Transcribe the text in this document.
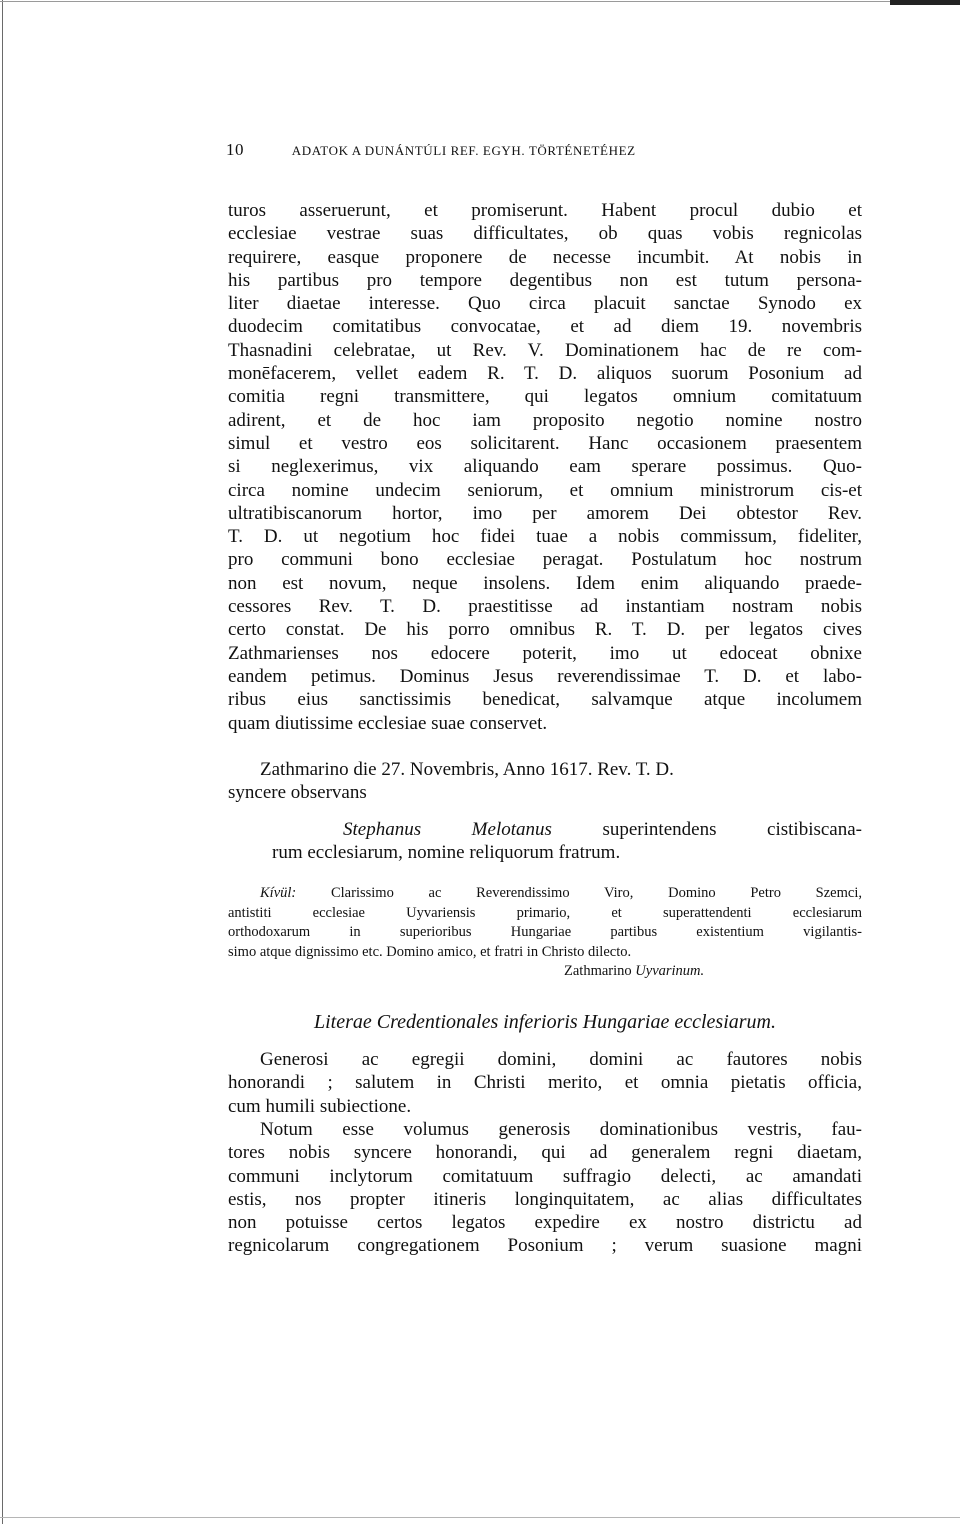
10	ADATOK A DUNÁNTÚLI REF. EGYH. TÖRTÉNETÉHEZ
turos asseruerunt, et promiserunt. Habent procul dubio et
ecclesiae vestrae suas difficultates, ob quas vobis regnicolas
requirere, easque proponere de necesse incumbit. At nobis in
his partibus pro tempore degentibus non est tutum persona-
liter diaetae interesse. Quo circa placuit sanctae Synodo ex
duodecim comitatibus convocatae, et ad diem 19. novembris
Thasnadini celebratae, ut Rev. V. Dominationem hac de re com-
monēfacerem, vellet eadem R. T. D. aliquos suorum Posonium ad
comitia regni transmittere, qui legatos omnium comitatuum
adirent, et de hoc iam proposito negotio nomine nostro
simul et vestro eos solicitarent. Hanc occasionem praesentem
si neglexerimus, vix aliquando eam sperare possimus. Quo-
circa nomine undecim seniorum, et omnium ministrorum cis-et
ultratibiscanorum hortor, imo per amorem Dei obtestor Rev.
T. D. ut negotium hoc fidei tuae a nobis commissum, fideliter,
pro communi bono ecclesiae peragat. Postulatum hoc nostrum
non est novum, neque insolens. Idem enim aliquando praede-
cessores Rev. T. D. praestitisse ad instantiam nostram nobis
certo constat. De his porro omnibus R. T. D. per legatos cives
Zathmarienses nos edocere poterit, imo ut edoceat obnixe
eandem petimus. Dominus Jesus reverendissimae T. D. et labo-
ribus eius sanctissimis benedicat, salvamque atque incolumem
quam diutissime ecclesiae suae conservet.
Zathmarino die 27. Novembris, Anno 1617. Rev. T. D.
syncere observans
Stephanus Melotanus superintendens cistibiscana-
rum ecclesiarum, nomine reliquorum fratrum.
Kívül: Clarissimo ac Reverendissimo Viro, Domino Petro Szemci,
antistiti ecclesiae Uyvariensis primario, et superattendenti ecclesiarum
orthodoxarum in superioribus Hungariae partibus existentium vigilantis-
simo atque dignissimo etc. Domino amico, et fratri in Christo dilecto.
Zathmarino Uyvarinum.
Literae Credentionales inferioris Hungariae ecclesiarum.
Generosi ac egregii domini, domini ac fautores nobis
honorandi ; salutem in Christi merito, et omnia pietatis officia,
cum humili subiectione.
Notum esse volumus generosis dominationibus vestris, fau-
tores nobis syncere honorandi, qui ad generalem regni diaetam,
communi inclytorum comitatuum suffragio delecti, ac amandati
estis, nos propter itineris longinquitatem, ac alias difficultates
non potuisse certos legatos expedire ex nostro districtu ad
regnicolarum congregationem Posonium ; verum suasione magni
